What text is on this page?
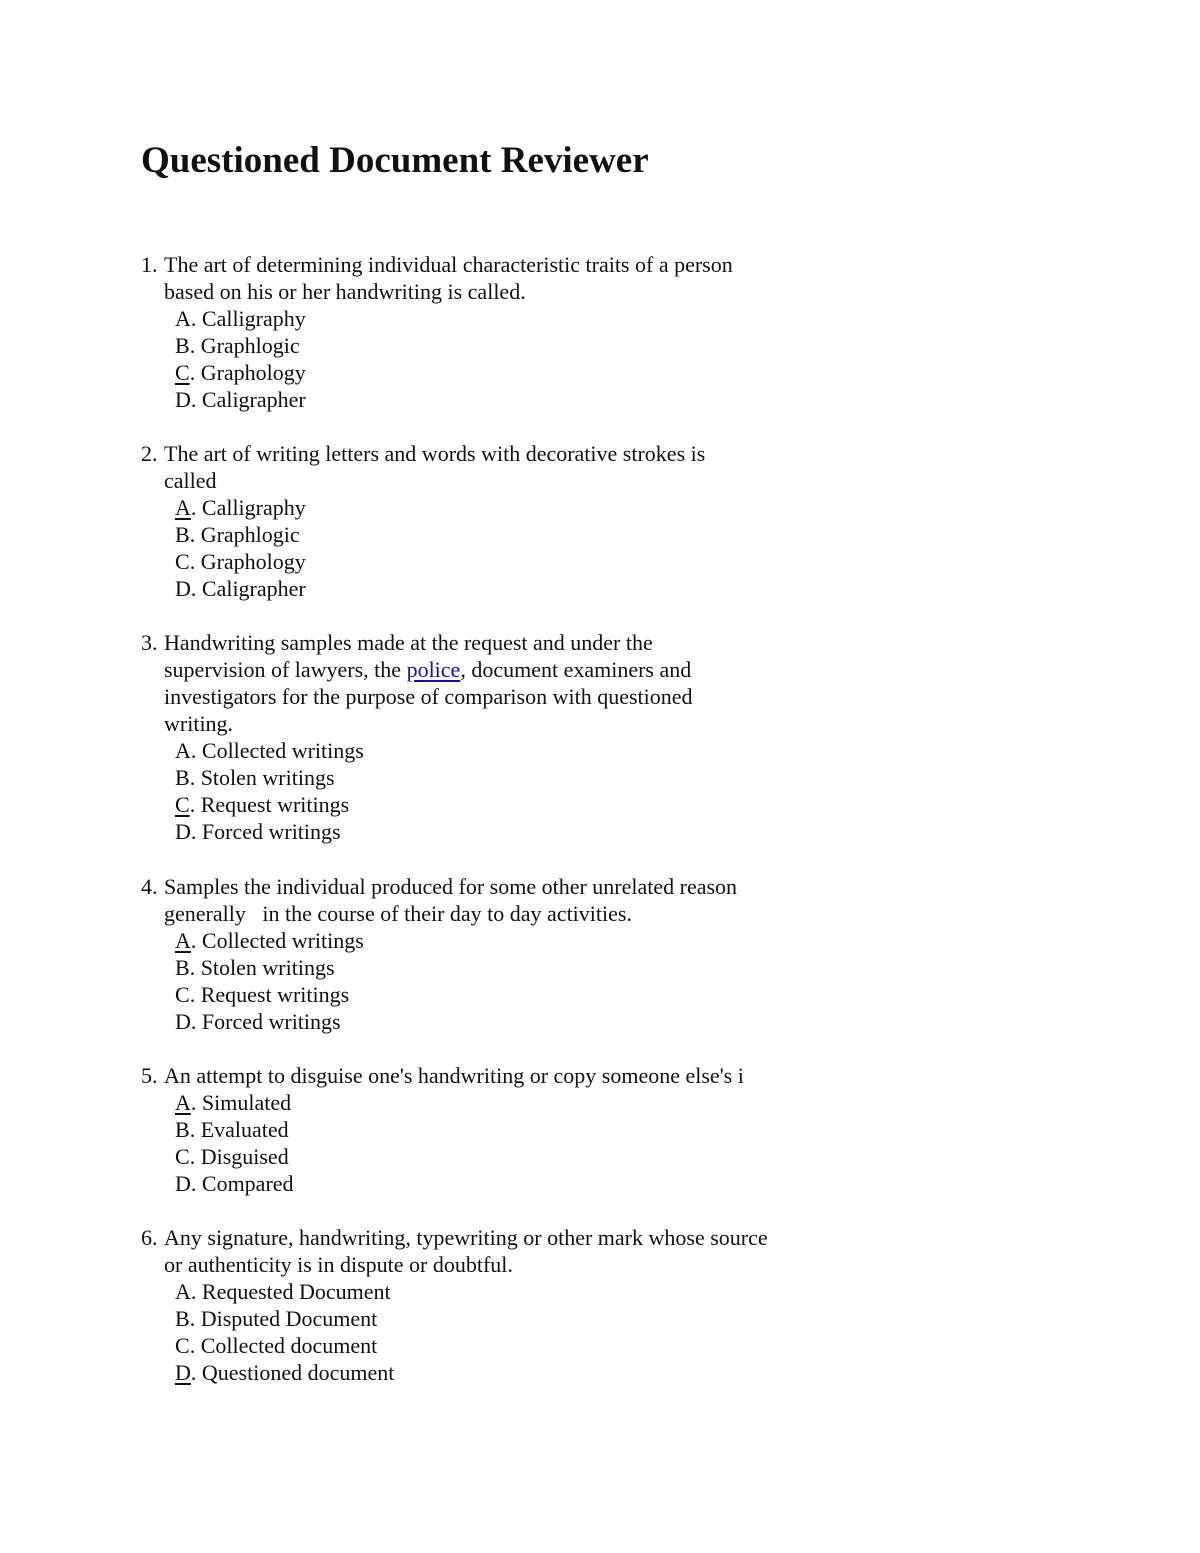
Questioned Document Reviewer
1. The art of determining individual characteristic traits of a person
based on his or her handwriting is called.
A. Calligraphy
B. Graphlogic
C. Graphology
D. Caligrapher
2. The art of writing letters and words with decorative strokes is
called
A. Calligraphy
B. Graphlogic
C. Graphology
D. Caligrapher
3. Handwriting samples made at the request and under the
supervision of lawyers, the police, document examiners and
investigators for the purpose of comparison with questioned
writing.
A. Collected writings
B. Stolen writings
C. Request writings
D. Forced writings
4. Samples the individual produced for some other unrelated reason
generally   in the course of their day to day activities.
A. Collected writings
B. Stolen writings
C. Request writings
D. Forced writings
5. An attempt to disguise one's handwriting or copy someone else's i
A. Simulated
B. Evaluated
C. Disguised
D. Compared
6. Any signature, handwriting, typewriting or other mark whose source
or authenticity is in dispute or doubtful.
A. Requested Document
B. Disputed Document
C. Collected document
D. Questioned document
